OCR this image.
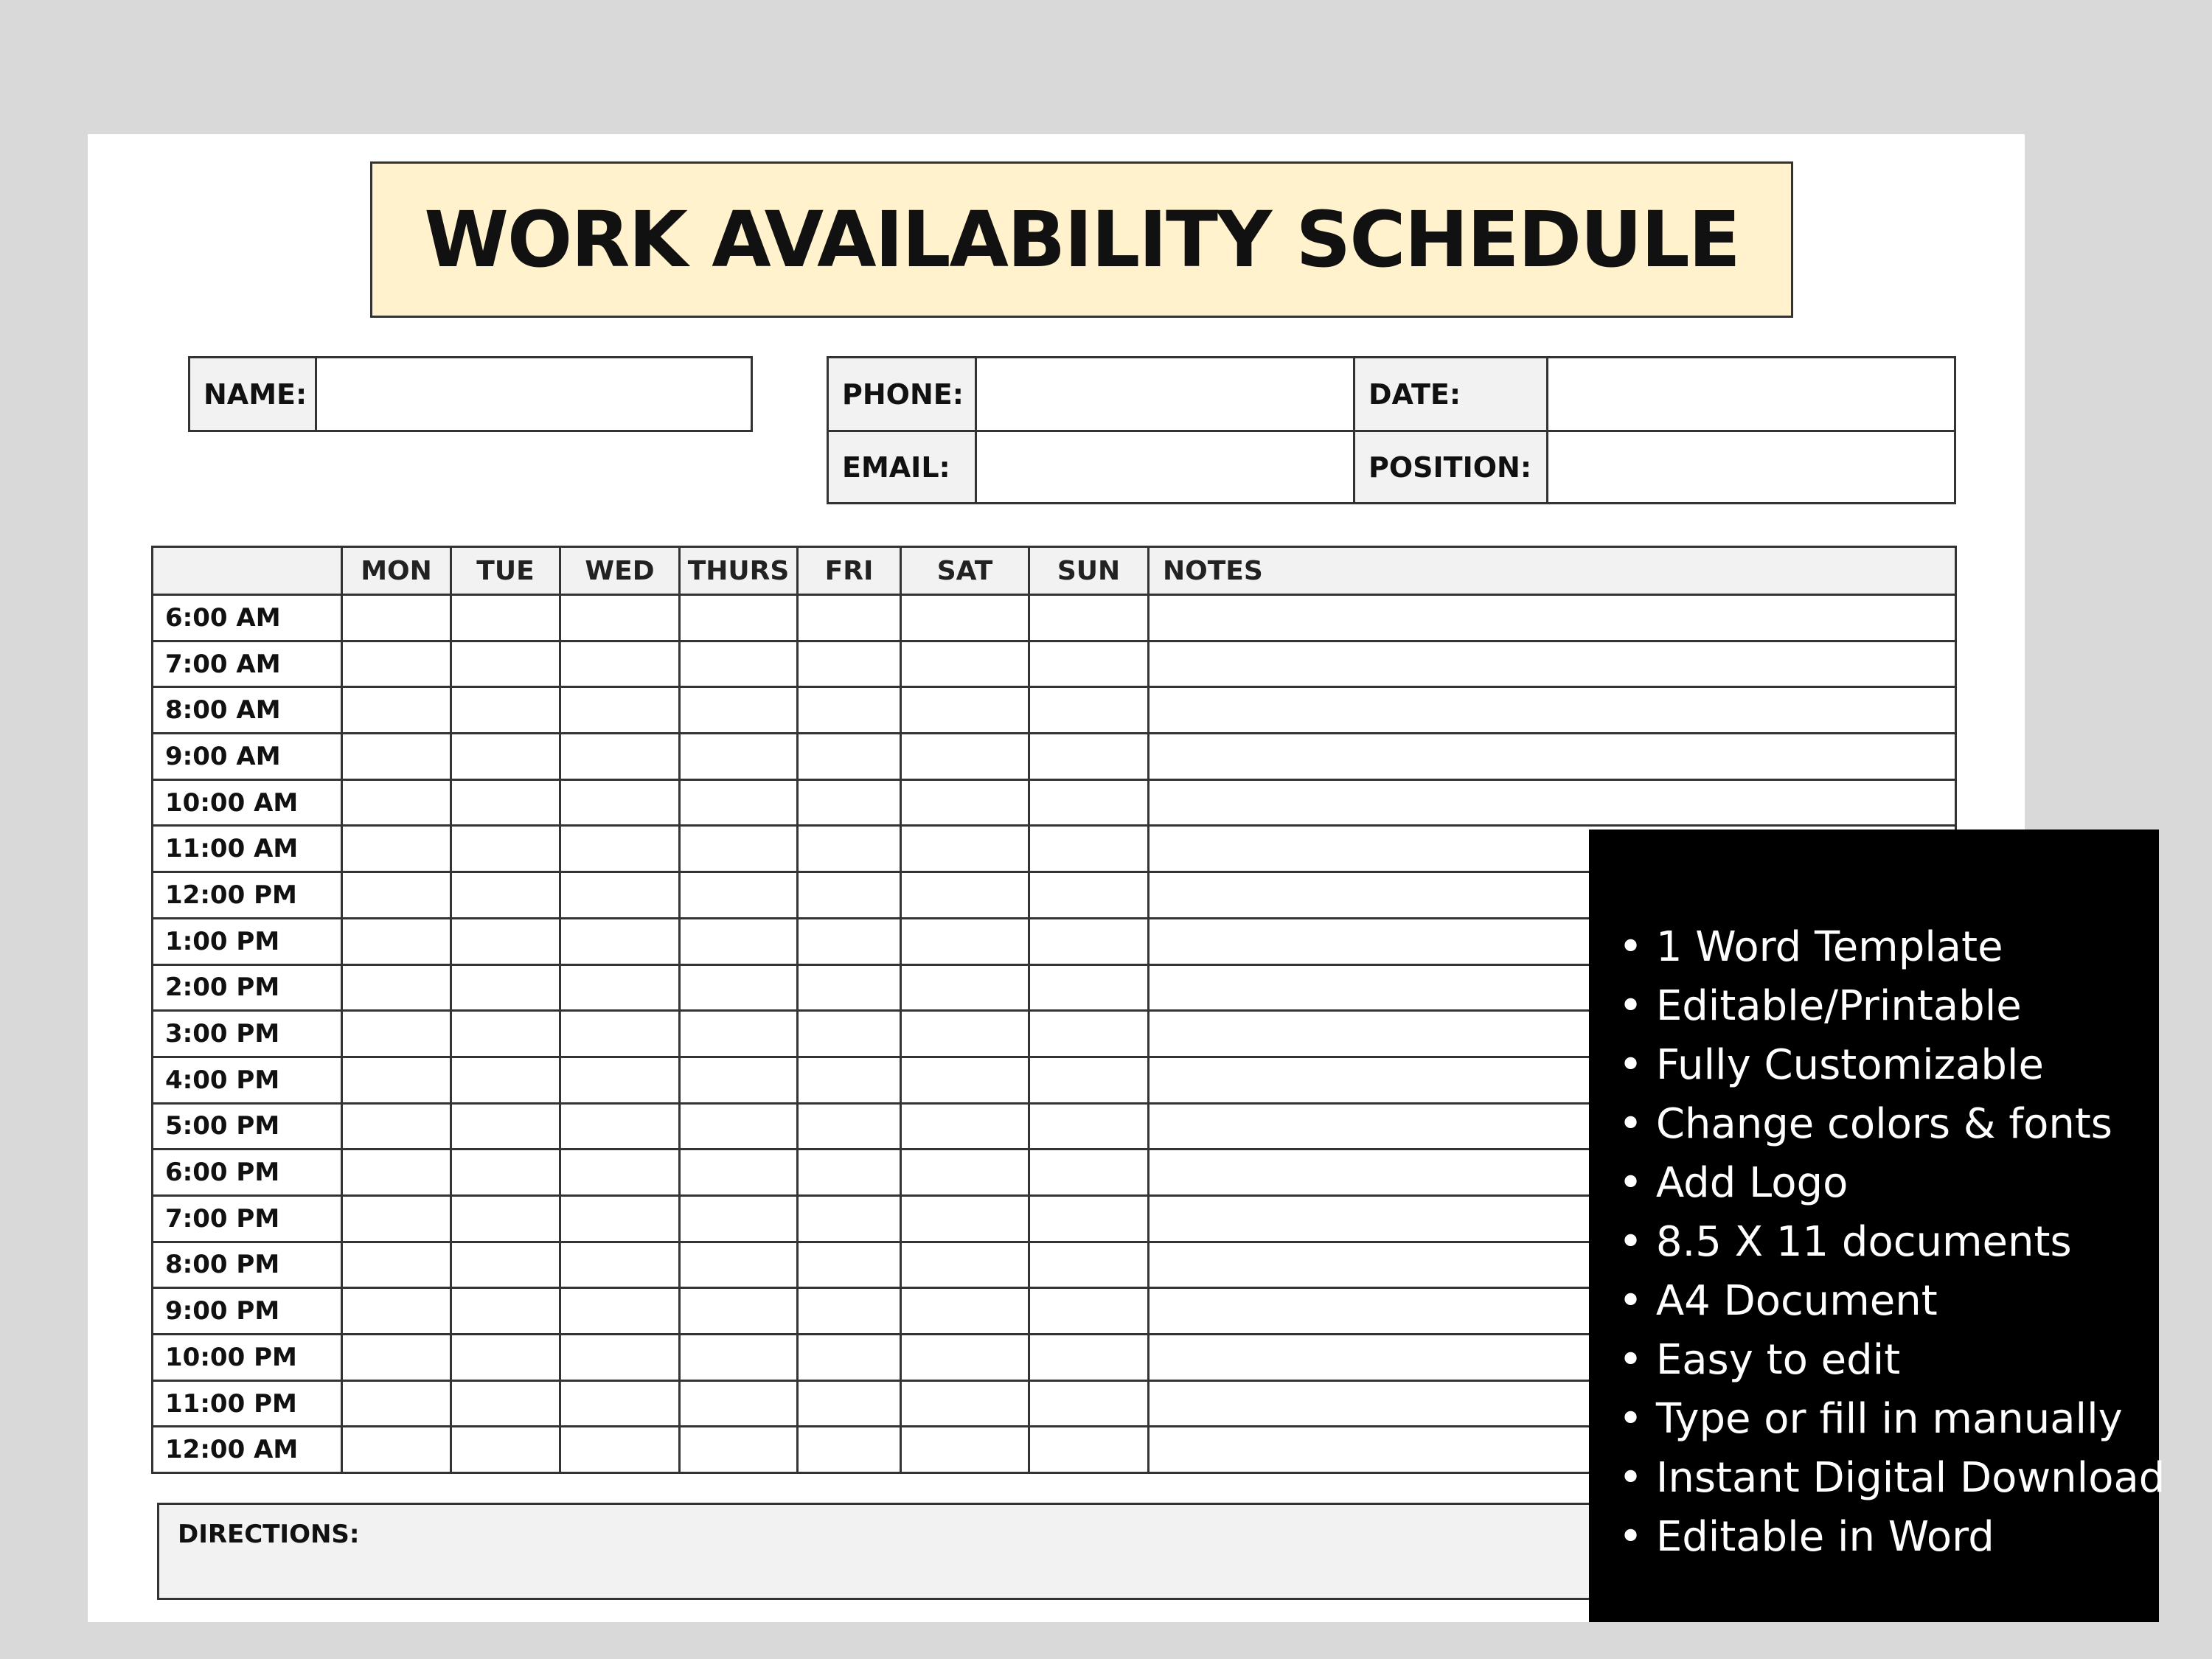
WORK AVAILABILITY SCHEDULE
NAME:		PHONE:		DATE:	
EMAIL:		POSITION:	
	MON	TUE	WED	THURS	FRI	SAT	SUN	NOTES
6:00 AM								
7:00 AM								
8:00 AM								
9:00 AM								
10:00 AM								
11:00 AM								
12:00 PM								
1:00 PM								
2:00 PM								
3:00 PM								
4:00 PM								
5:00 PM								
6:00 PM								
7:00 PM								
8:00 PM								
9:00 PM								
10:00 PM								
11:00 PM								
12:00 AM								
DIRECTIONS:
• 1 Word Template
• Editable/Printable
• Fully Customizable
• Change colors & fonts
• Add Logo
• 8.5 X 11 documents
• A4 Document
• Easy to edit
• Type or fill in manually
• Instant Digital Download
• Editable in Word
